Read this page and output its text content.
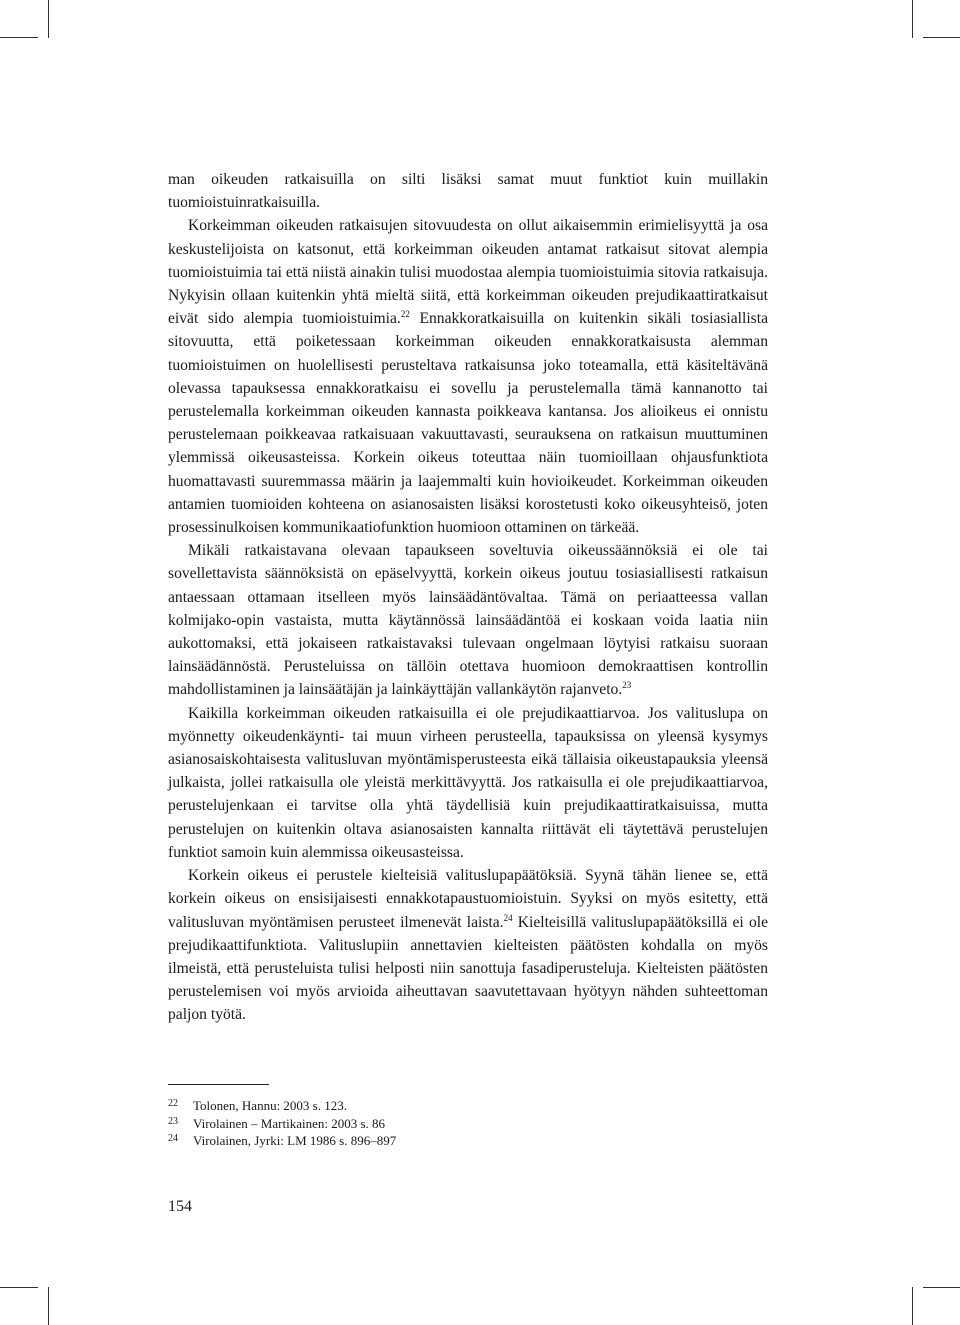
man oikeuden ratkaisuilla on silti lisäksi samat muut funktiot kuin muillakin tuomioistuinratkaisuilla.

Korkeimman oikeuden ratkaisujen sitovuudesta on ollut aikaisemmin erimielisyyttä ja osa keskustelijoista on katsonut, että korkeimman oikeuden antamat ratkaisut sitovat alempia tuomioistuimia tai että niistä ainakin tulisi muodostaa alempia tuomioistuimia sitovia ratkaisuja. Nykyisin ollaan kuitenkin yhtä mieltä siitä, että korkeimman oikeuden prejudikaattiratkaisut eivät sido alempia tuomioistuimia.$^{22}$ Ennakkoratkaisuilla on kuitenkin sikäli tosiasiallista sitovuutta, että poiketessaan korkeimman oikeuden ennakkoratkaisusta alemman tuomioistuimen on huolellisesti perusteltava ratkaisunsa joko toteamalla, että käsiteltävänä olevassa tapauksessa ennakkoratkaisu ei sovellu ja perustelemalla tämä kannanotto tai perustelemalla korkeimman oikeuden kannasta poikkeava kantansa. Jos alioikeus ei onnistu perustelemaan poikkeavaa ratkaisuaan vakuuttavasti, seurauksena on ratkaisun muuttuminen ylemmissä oikeusasteissa. Korkein oikeus toteuttaa näin tuomioillaan ohjausfunktiota huomattavasti suuremmassa määrin ja laajemmalti kuin hovioikeudet. Korkeimman oikeuden antamien tuomioiden kohteena on asianosaisten lisäksi korostetusti koko oikeusyhteisö, joten prosessinulkoisen kommunikaatiofunktion huomioon ottaminen on tärkeää.

Mikäli ratkaistavana olevaan tapaukseen soveltuvia oikeussäännöksiä ei ole tai sovellettavista säännöksistä on epäselvyyttä, korkein oikeus joutuu tosiasiallisesti ratkaisun antaessaan ottamaan itselleen myös lainsäädäntövaltaa. Tämä on periaatteessa vallan kolmijako-opin vastaista, mutta käytännössä lainsäädäntöä ei koskaan voida laatia niin aukottomaksi, että jokaiseen ratkaistavaksi tulevaan ongelmaan löytyisi ratkaisu suoraan lainsäädännöstä. Perusteluissa on tällöin otettava huomioon demokraattisen kontrollin mahdollistaminen ja lainsäätäjän ja lainkäyttäjän vallankäytön rajanveto.$^{23}$

Kaikilla korkeimman oikeuden ratkaisuilla ei ole prejudikaattiarvoa. Jos valituslupa on myönnetty oikeudenkäynti- tai muun virheen perusteella, tapauksissa on yleensä kysymys asianosaiskohtaisesta valitusluvan myöntämisperusteesta eikä tällaisia oikeustapauksia yleensä julkaista, jollei ratkaisulla ole yleistä merkittävyyttä. Jos ratkaisulla ei ole prejudikaattiarvoa, perustelujenkaan ei tarvitse olla yhtä täydellisiä kuin prejudikaattiratkaisuissa, mutta perustelujen on kuitenkin oltava asianosaisten kannalta riittävät eli täytettävä perustelujen funktiot samoin kuin alemmissa oikeusasteissa.

Korkein oikeus ei perustele kielteisiä valituslupapäätöksiä. Syynä tähän lienee se, että korkein oikeus on ensisijaisesti ennakkotapaustuomioistuin. Syyksi on myös esitetty, että valitusluvan myöntämisen perusteet ilmenevät laista.$^{24}$ Kielteisillä valituslupapäätöksillä ei ole prejudikaattifunktiota. Valituslupiin annettavien kielteisten päätösten kohdalla on myös ilmeistä, että perusteluista tulisi helposti niin sanottuja fasadiperusteluja. Kielteisten päätösten perustelemisen voi myös arvioida aiheuttavan saavutettavaan hyötyyn nähden suhteettoman paljon työtä.

22	Tolonen, Hannu: 2003 s. 123.
23	Virolainen – Martikainen: 2003 s. 86
24	Virolainen, Jyrki: LM 1986 s. 896–897
154
